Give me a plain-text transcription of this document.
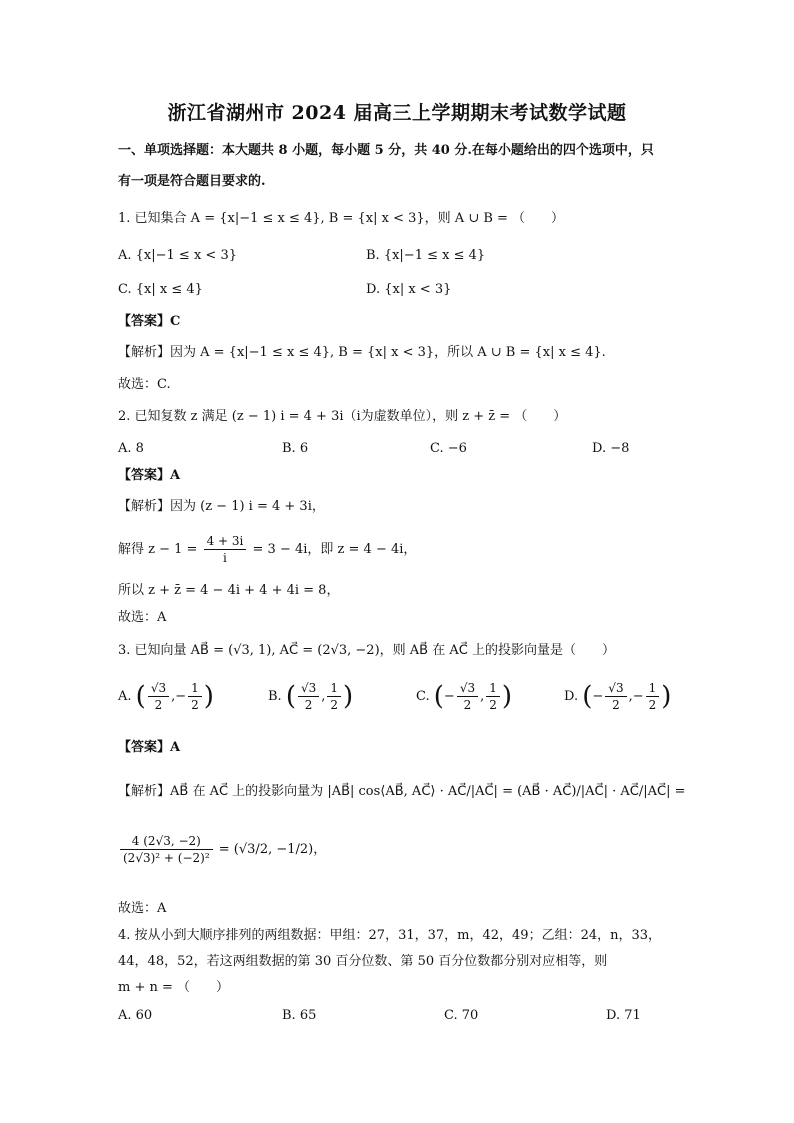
浙江省湖州市 2024 届高三上学期期末考试数学试题
一、单项选择题：本大题共 8 小题，每小题 5 分，共 40 分.在每小题给出的四个选项中，只
有一项是符合题目要求的.
1. 已知集合 A = {x|−1 ≤ x ≤ 4}, B = {x| x < 3}，则 A ∪ B = （　　）
A. {x|−1 ≤ x < 3}	B. {x|−1 ≤ x ≤ 4}
C. {x| x ≤ 4}	D. {x| x < 3}
【答案】C
【解析】因为 A = {x|−1 ≤ x ≤ 4}, B = {x| x < 3}，所以 A ∪ B = {x| x ≤ 4}.
故选：C.
2. 已知复数 z 满足 (z − 1) i = 4 + 3i（i为虚数单位），则 z + z̄ = （　　）
A. 8	B. 6	C. −6	D. −8
【答案】A
【解析】因为 (z − 1) i = 4 + 3i，
解得 $z - 1 = \frac{4 + 3i}{i} = 3 - 4i$，即 z = 4 − 4i，
所以 z + z̄ = 4 − 4i + 4 + 4i = 8，
故选：A
3. 已知向量 AB⃗ = (√3, 1), AC⃗ = (2√3, −2)，则 AB⃗ 在 AC⃗ 上的投影向量是（　　）
A. ( $\frac{√3}{2}$ ,− $\frac{1}{2}$ )	B. ( $\frac{√3}{2}$ , $\frac{1}{2}$ )	C. (− $\frac{√3}{2}$ , $\frac{1}{2}$ )	D. (− $\frac{√3}{2}$ ,− $\frac{1}{2}$ )
【答案】A
【解析】AB⃗ 在 AC⃗ 上的投影向量为 |AB⃗| cos⟨AB⃗, AC⃗⟩ · AC⃗/|AC⃗| = (AB⃗ · AC⃗)/|AC⃗| · AC⃗/|AC⃗| =
$\frac{4 (2√3, -2)}{\text{(2√3)² + (−2)²}} = (√3/2$, −1/2)，
故选：A
4. 按从小到大顺序排列的两组数据：甲组：27，31，37，m，42，49；乙组：24，n，33，
44，48，52，若这两组数据的第 30 百分位数、第 50 百分位数都分别对应相等，则
m + n = （　　）
A. 60	B. 65	C. 70	D. 71
